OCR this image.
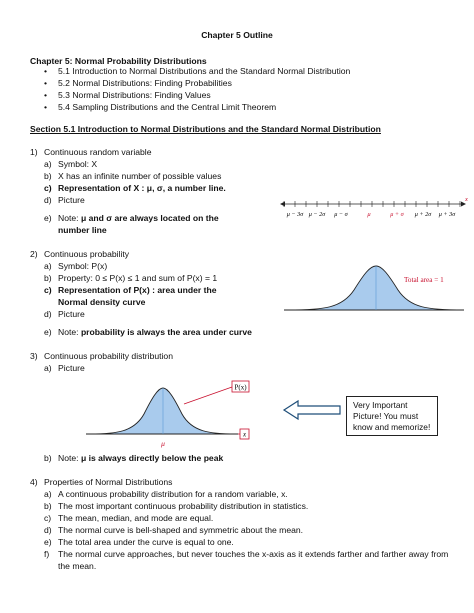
Chapter 5 Outline
Chapter 5: Normal Probability Distributions
• 5.1 Introduction to Normal Distributions and the Standard Normal Distribution
• 5.2 Normal Distributions: Finding Probabilities
• 5.3 Normal Distributions: Finding Values
• 5.4 Sampling Distributions and the Central Limit Theorem
Section 5.1 Introduction to Normal Distributions and the Standard Normal Distribution
1) Continuous random variable
a) Symbol: X
b) X has an infinite number of possible values
c) Representation of X : μ, σ, a number line.
d) Picture
e) Note: μ and σ are always located on the
number line
μ − 3σ μ − 2σ μ − σ	μ	μ + σ μ + 2σ μ + 3σ
x
2) Continuous probability
a) Symbol: P(x)
b) Property: 0 ≤ P(x) ≤ 1 and sum of P(x) = 1
c) Representation of P(x) : area under the
Normal density curve
d) Picture
e) Note: probability is always the area under curve
Total area = 1
3) Continuous probability distribution
a) Picture
μ
P(x)
x
Very Important Picture! You must know and memorize!
b) Note: μ is always directly below the peak
4) Properties of Normal Distributions
a) A continuous probability distribution for a random variable, x.
b) The most important continuous probability distribution in statistics.
c) The mean, median, and mode are equal.
d) The normal curve is bell-shaped and symmetric about the mean.
e) The total area under the curve is equal to one.
f) The normal curve approaches, but never touches the x-axis as it extends farther and farther away from
the mean.
